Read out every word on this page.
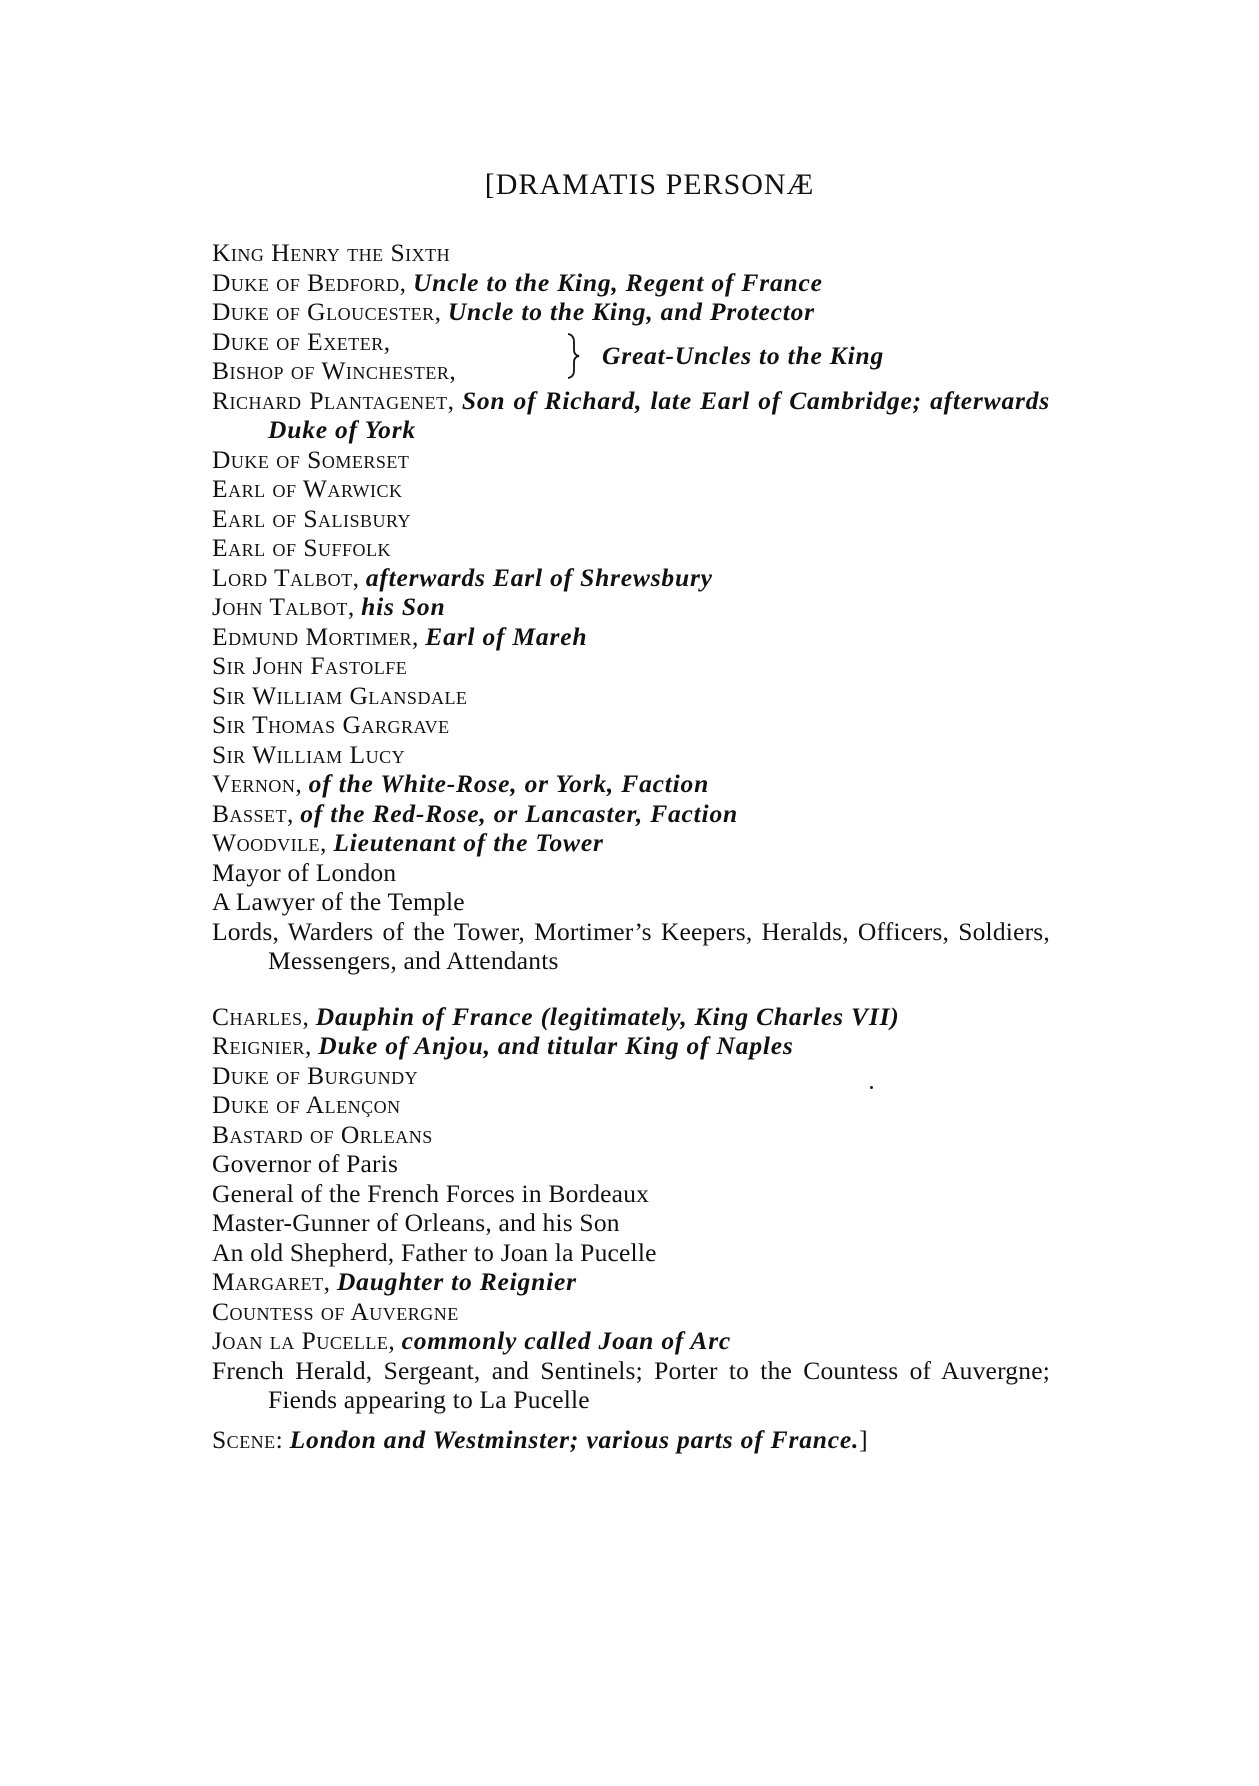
[DRAMATIS PERSONÆ
King Henry the Sixth
Duke of Bedford, Uncle to the King, Regent of France
Duke of Gloucester, Uncle to the King, and Protector
Duke of Exeter,
Bishop of Winchester,
Great-Uncles to the King
Richard Plantagenet, Son of Richard, late Earl of Cambridge; afterwards Duke of York
Duke of Somerset
Earl of Warwick
Earl of Salisbury
Earl of Suffolk
Lord Talbot, afterwards Earl of Shrewsbury
John Talbot, his Son
Edmund Mortimer, Earl of Mareh
Sir John Fastolfe
Sir William Glansdale
Sir Thomas Gargrave
Sir William Lucy
Vernon, of the White-Rose, or York, Faction
Basset, of the Red-Rose, or Lancaster, Faction
Woodvile, Lieutenant of the Tower
Mayor of London
A Lawyer of the Temple
Lords, Warders of the Tower, Mortimer’s Keepers, Heralds, Officers, Soldiers, Messengers, and Attendants
Charles, Dauphin of France (legitimately, King Charles VII)
Reignier, Duke of Anjou, and titular King of Naples
Duke of Burgundy
Duke of Alençon
Bastard of Orleans
Governor of Paris
General of the French Forces in Bordeaux
Master-Gunner of Orleans, and his Son
An old Shepherd, Father to Joan la Pucelle
Margaret, Daughter to Reignier
Countess of Auvergne
Joan la Pucelle, commonly called Joan of Arc
French Herald, Sergeant, and Sentinels; Porter to the Countess of Auvergne; Fiends appearing to La Pucelle
Scene: London and Westminster; various parts of France.]
